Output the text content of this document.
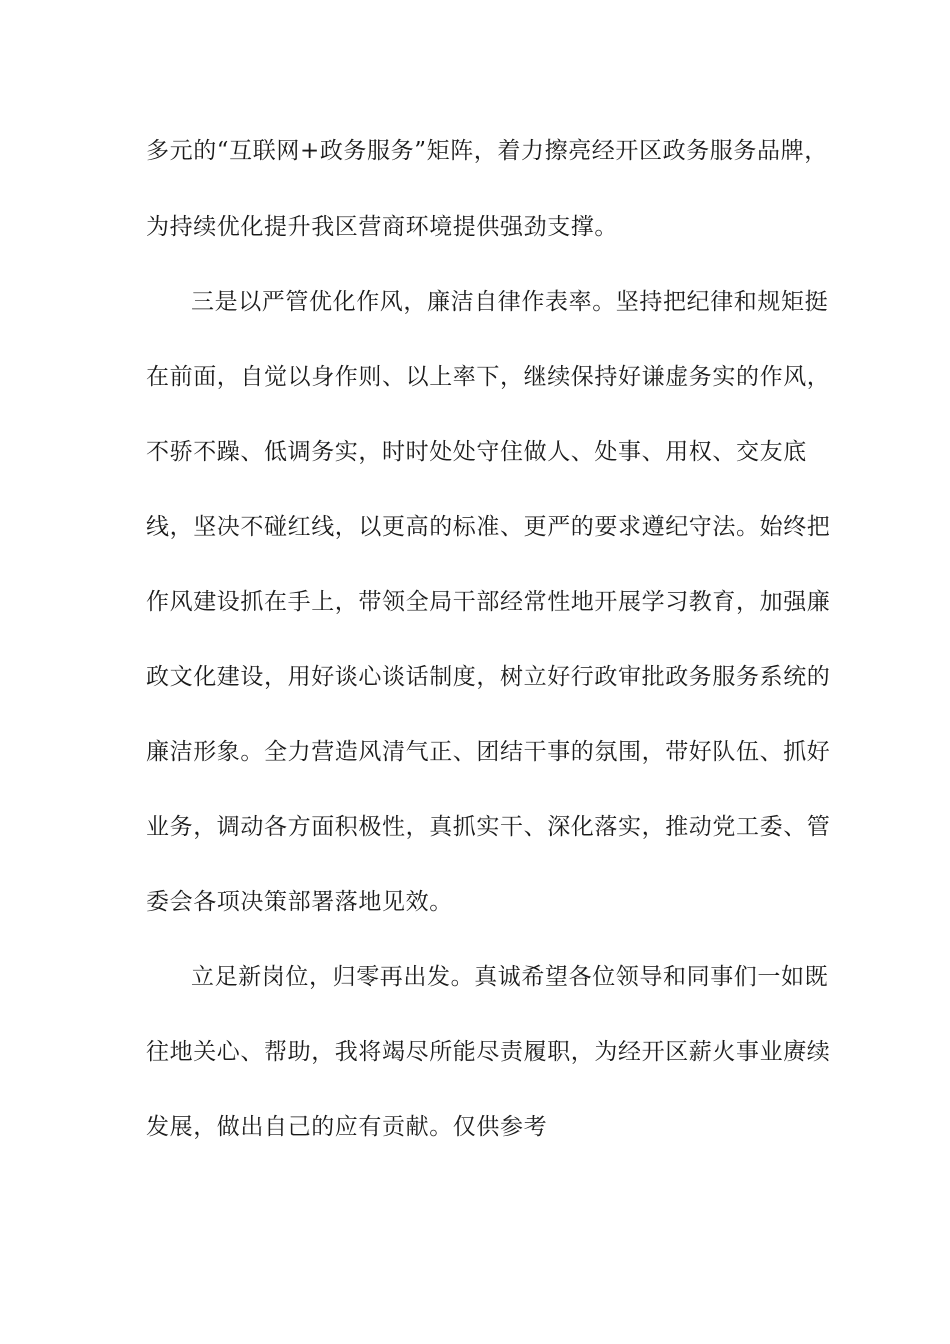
多元的“互联网+政务服务”矩阵，着力擦亮经开区政务服务品牌，
为持续优化提升我区营商环境提供强劲支撑。
三是以严管优化作风，廉洁自律作表率。坚持把纪律和规矩挺
在前面，自觉以身作则、以上率下，继续保持好谦虚务实的作风，
不骄不躁、低调务实，时时处处守住做人、处事、用权、交友底
线，坚决不碰红线，以更高的标准、更严的要求遵纪守法。始终把
作风建设抓在手上，带领全局干部经常性地开展学习教育，加强廉
政文化建设，用好谈心谈话制度，树立好行政审批政务服务系统的
廉洁形象。全力营造风清气正、团结干事的氛围，带好队伍、抓好
业务，调动各方面积极性，真抓实干、深化落实，推动党工委、管
委会各项决策部署落地见效。
立足新岗位，归零再出发。真诚希望各位领导和同事们一如既
往地关心、帮助，我将竭尽所能尽责履职，为经开区薪火事业赓续
发展，做出自己的应有贡献。仅供参考
